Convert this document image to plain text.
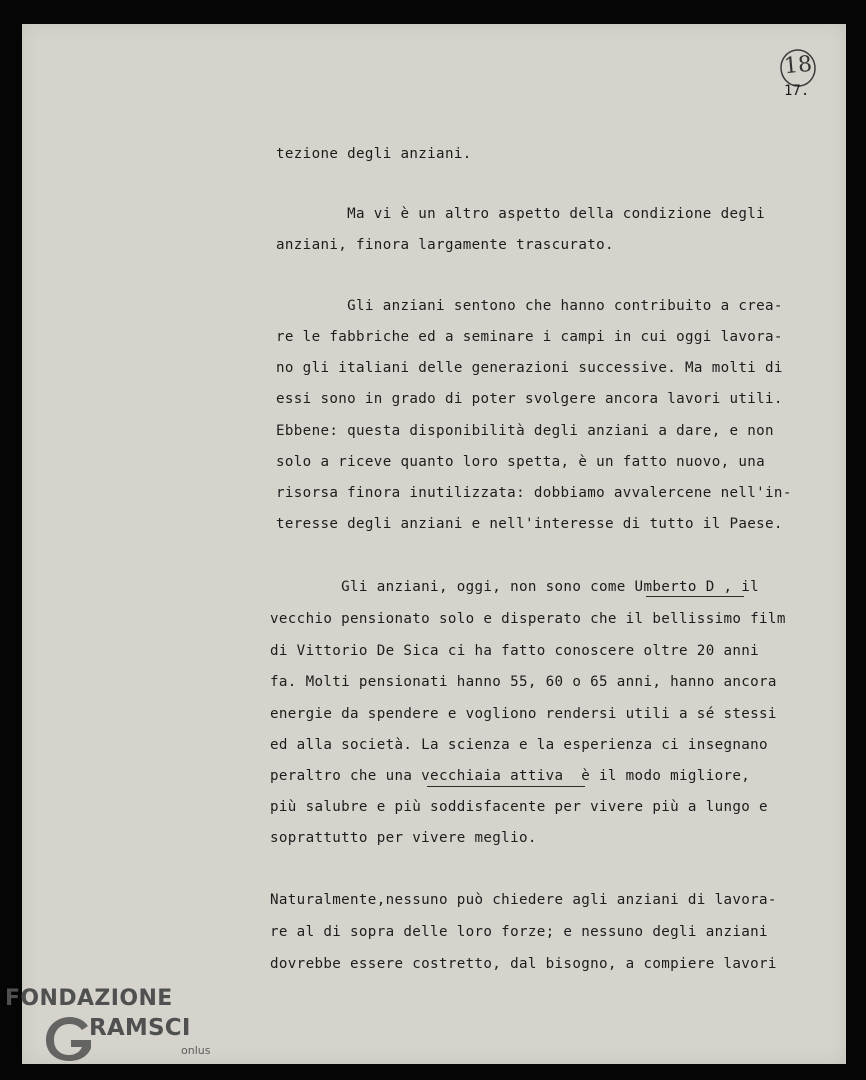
18
17.
tezione degli anziani.
Ma vi è un altro aspetto della condizione degli
anziani, finora largamente trascurato.
Gli anziani sentono che hanno contribuito a crea-
re le fabbriche ed a seminare i campi in cui oggi lavora-
no gli italiani delle generazioni successive. Ma molti di
essi sono in grado di poter svolgere ancora lavori utili.
Ebbene: questa disponibilità degli anziani a dare, e non
solo a riceve quanto loro spetta, è un fatto nuovo, una
risorsa finora inutilizzata: dobbiamo avvalercene nell'in-
teresse degli anziani e nell'interesse di tutto il Paese.
Gli anziani, oggi, non sono come Umberto D , il
vecchio pensionato solo e disperato che il bellissimo film
di Vittorio De Sica ci ha fatto conoscere oltre 20 anni
fa. Molti pensionati hanno 55, 60 o 65 anni, hanno ancora
energie da spendere e vogliono rendersi utili a sé stessi
ed alla società. La scienza e la esperienza ci insegnano
peraltro che una vecchiaia attiva  è il modo migliore,
più salubre e più soddisfacente per vivere più a lungo e
soprattutto per vivere meglio.
Naturalmente,nessuno può chiedere agli anziani di lavora-
re al di sopra delle loro forze; e nessuno degli anziani
dovrebbe essere costretto, dal bisogno, a compiere lavori
FONDAZIONE
RAMSCI
onlus
